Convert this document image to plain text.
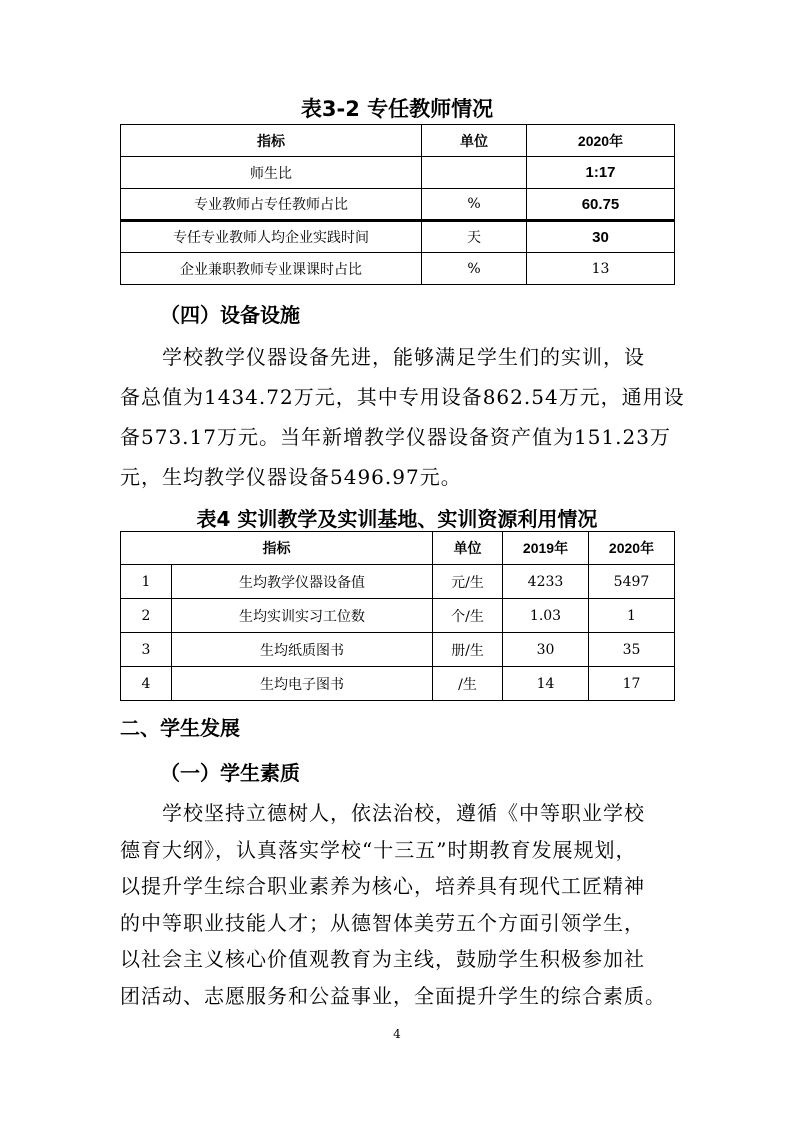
表3-2 专任教师情况
指标	单位	2020年
师生比		1:17
专业教师占专任教师占比	%	60.75
专任专业教师人均企业实践时间	天	30
企业兼职教师专业课课时占比	%	13
（四）设备设施
学校教学仪器设备先进，能够满足学生们的实训，设
备总值为1434.72万元，其中专用设备862.54万元，通用设
备573.17万元。当年新增教学仪器设备资产值为151.23万
元，生均教学仪器设备5496.97元。
表4 实训教学及实训基地、实训资源利用情况
指标		单位	2019年	2020年
1	生均教学仪器设备值	元/生	4233	5497
2	生均实训实习工位数	个/生	1.03	1
3	生均纸质图书	册/生	30	35
4	生均电子图书	/生	14	17
二、学生发展
（一）学生素质
学校坚持立德树人，依法治校，遵循《中等职业学校
德育大纲》，认真落实学校“十三五”时期教育发展规划，
以提升学生综合职业素养为核心，培养具有现代工匠精神
的中等职业技能人才；从德智体美劳五个方面引领学生，
以社会主义核心价值观教育为主线，鼓励学生积极参加社
团活动、志愿服务和公益事业，全面提升学生的综合素质。
4
